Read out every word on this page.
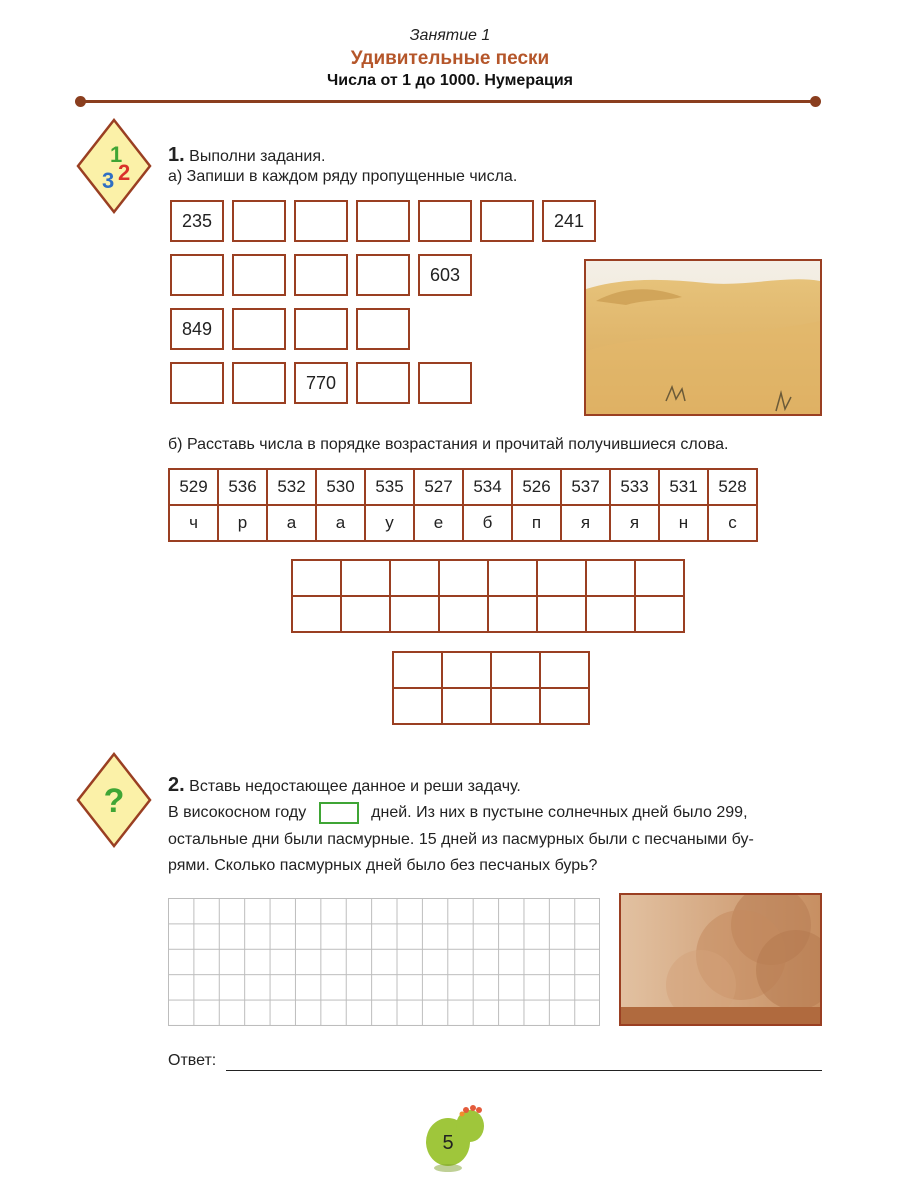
Занятие 1
Удивительные пески
Числа от 1 до 1000. Нумерация
1
3 2
1. Выполни задания.
а) Запиши в каждом ряду пропущенные числа.
235	241
603
849
770
б) Расставь числа в порядке возрастания и прочитай получившиеся слова.
529	536	532	530	535	527	534	526	537	533	531	528
ч	р	а	а	у	е	б	п	я	я	н	с

? 2. Вставь недостающее данное и реши задачу.
В високосном году	дней. Из них в пустыне солнечных дней было 299,
остальные дни были пасмурные. 15 дней из пасмурных были с песчаными бу-
рями. Сколько пасмурных дней было без песчаных бурь?
Ответ:
5
